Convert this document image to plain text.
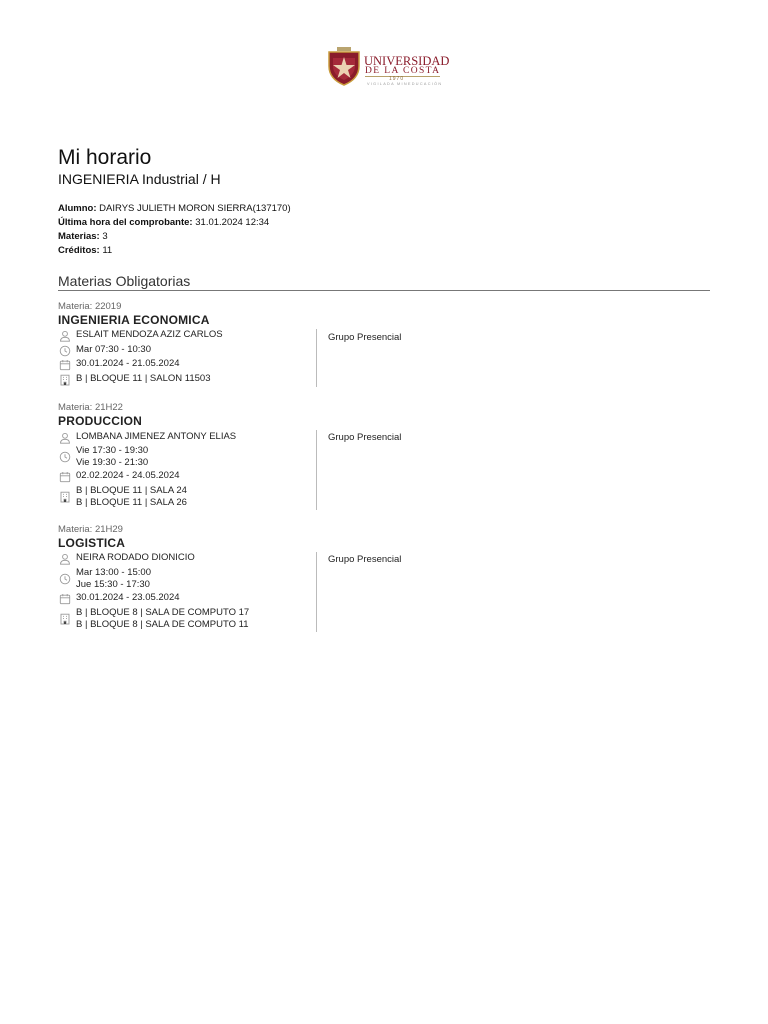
UNIVERSIDAD
DE LA COSTA
1970
VIGILADA MINEDUCACIÓN
Mi horario
INGENIERIA Industrial / H
Alumno: DAIRYS JULIETH MORON SIERRA(137170)
Última hora del comprobante: 31.01.2024 12:34
Materias: 3
Créditos: 11
Materias Obligatorias
Materia: 22019
INGENIERIA ECONOMICA
ESLAIT MENDOZA AZIZ CARLOS
Mar 07:30 - 10:30
30.01.2024 - 21.05.2024
B | BLOQUE 11 | SALON 11503
Grupo Presencial
Materia: 21H22
PRODUCCION
LOMBANA JIMENEZ ANTONY ELIAS
Vie 17:30 - 19:30
Vie 19:30 - 21:30
02.02.2024 - 24.05.2024
B | BLOQUE 11 | SALA 24
B | BLOQUE 11 | SALA 26
Grupo Presencial
Materia: 21H29
LOGISTICA
NEIRA RODADO DIONICIO
Mar 13:00 - 15:00
Jue 15:30 - 17:30
30.01.2024 - 23.05.2024
B | BLOQUE 8 | SALA DE COMPUTO 17
B | BLOQUE 8 | SALA DE COMPUTO 11
Grupo Presencial
